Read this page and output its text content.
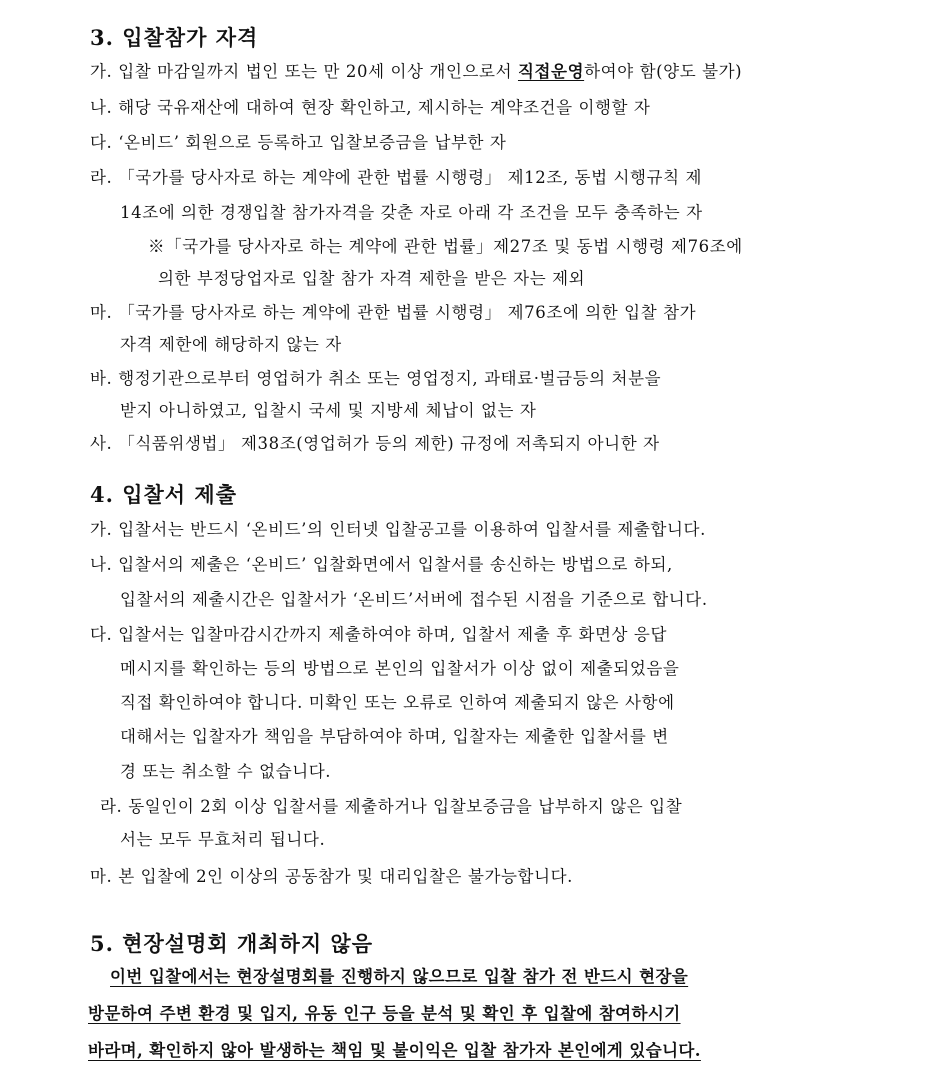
3. 입찰참가 자격
가. 입찰 마감일까지 법인 또는 만 20세 이상 개인으로서 직접운영하여야 함(양도 불가)
나. 해당 국유재산에 대하여 현장 확인하고, 제시하는 계약조건을 이행할 자
다. ‘온비드’ 회원으로 등록하고 입찰보증금을 납부한 자
라. 「국가를 당사자로 하는 계약에 관한 법률 시행령」 제12조, 동법 시행규칙 제
14조에 의한 경쟁입찰 참가자격을 갖춘 자로 아래 각 조건을 모두 충족하는 자
※「국가를 당사자로 하는 계약에 관한 법률」제27조 및 동법 시행령 제76조에
의한 부정당업자로 입찰 참가 자격 제한을 받은 자는 제외
마. 「국가를 당사자로 하는 계약에 관한 법률 시행령」 제76조에 의한 입찰 참가
자격 제한에 해당하지 않는 자
바. 행정기관으로부터 영업허가 취소 또는 영업정지, 과태료·벌금등의 처분을
받지 아니하였고, 입찰시 국세 및 지방세 체납이 없는 자
사. 「식품위생법」 제38조(영업허가 등의 제한) 규정에 저촉되지 아니한 자
4. 입찰서 제출
가. 입찰서는 반드시 ‘온비드’의 인터넷 입찰공고를 이용하여 입찰서를 제출합니다.
나. 입찰서의 제출은 ‘온비드’ 입찰화면에서 입찰서를 송신하는 방법으로 하되,
입찰서의 제출시간은 입찰서가 ‘온비드’서버에 접수된 시점을 기준으로 합니다.
다. 입찰서는 입찰마감시간까지 제출하여야 하며, 입찰서 제출 후 화면상 응답
메시지를 확인하는 등의 방법으로 본인의 입찰서가 이상 없이 제출되었음을
직접 확인하여야 합니다. 미확인 또는 오류로 인하여 제출되지 않은 사항에
대해서는 입찰자가 책임을 부담하여야 하며, 입찰자는 제출한 입찰서를 변
경 또는 취소할 수 없습니다.
라. 동일인이 2회 이상 입찰서를 제출하거나 입찰보증금을 납부하지 않은 입찰
서는 모두 무효처리 됩니다.
마. 본 입찰에 2인 이상의 공동참가 및 대리입찰은 불가능합니다.
5. 현장설명회 개최하지 않음
이번 입찰에서는 현장설명회를 진행하지 않으므로 입찰 참가 전 반드시 현장을
방문하여 주변 환경 및 입지, 유동 인구 등을 분석 및 확인 후 입찰에 참여하시기
바라며, 확인하지 않아 발생하는 책임 및 불이익은 입찰 참가자 본인에게 있습니다.
